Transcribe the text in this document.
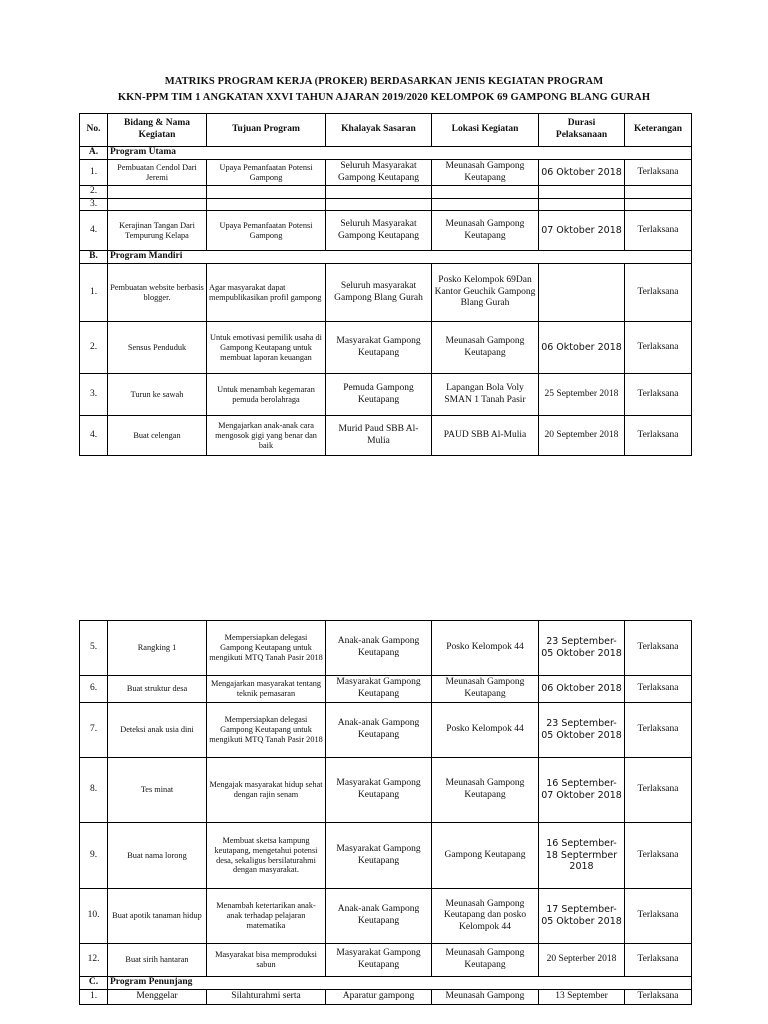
MATRIKS PROGRAM KERJA (PROKER) BERDASARKAN JENIS KEGIATAN PROGRAM
KKN-PPM TIM 1 ANGKATAN XXVI TAHUN AJARAN 2019/2020 KELOMPOK 69 GAMPONG BLANG GURAH
No.	Bidang & Nama Kegiatan	Tujuan Program	Khalayak Sasaran	Lokasi Kegiatan	Durasi Pelaksanaan	Keterangan
A.	Program Utama					
1.	Pembuatan Cendol Dari Jeremi	Upaya Pemanfaatan Potensi Gampong	Seluruh Masyarakat Gampong Keutapang	Meunasah Gampong Keutapang	06 Oktober 2018	Terlaksana
2.						
3.						
4.	Kerajinan Tangan Dari Tempurung Kelapa	Upaya Pemanfaatan Potensi Gampong	Seluruh Masyarakat Gampong Keutapang	Meunasah Gampong Keutapang	07 Oktober 2018	Terlaksana
B.	Program Mandiri					
1.	Pembuatan website berbasis blogger.	Agar masyarakat dapat mempublikasikan profil gampong	Seluruh masyarakat Gampong Blang Gurah	Posko Kelompok 69Dan Kantor Geuchik Gampong Blang Gurah		Terlaksana
2.	Sensus Penduduk	Untuk emotivasi pemilik usaha di Gampong Keutapang untuk membuat laporan keuangan	Masyarakat Gampong Keutapang	Meunasah Gampong Keutapang	06 Oktober 2018	Terlaksana
3.	Turun ke sawah	Untuk menambah kegemaran pemuda berolahraga	Pemuda Gampong Keutapang	Lapangan Bola Voly SMAN 1 Tanah Pasir	25 September 2018	Terlaksana
4.	Buat celengan	Mengajarkan anak-anak cara mengosok gigi yang benar dan baik	Murid Paud SBB Al-Mulia	PAUD SBB Al-Mulia	20 September 2018	Terlaksana
5.	Rangking 1	Mempersiapkan delegasi Gampong Keutapang untuk mengikuti MTQ Tanah Pasir 2018	Anak-anak Gampong Keutapang	Posko Kelompok 44	23 September-05 Oktober 2018	Terlaksana
6.	Buat struktur desa	Mengajarkan masyarakat tentang teknik pemasaran	Masyarakat Gampong Keutapang	Meunasah Gampong Keutapang	06 Oktober 2018	Terlaksana
7.	Deteksi anak usia dini	Mempersiapkan delegasi Gampong Keutapang untuk mengikuti MTQ Tanah Pasir 2018	Anak-anak Gampong Keutapang	Posko Kelompok 44	23 September-05 Oktober 2018	Terlaksana
8.	Tes minat	Mengajak masyarakat hidup sehat dengan rajin senam	Masyarakat Gampong Keutapang	Meunasah Gampong Keutapang	16 September-07 Oktober 2018	Terlaksana
9.	Buat nama lorong	Membuat sketsa kampung keutapang, mengetahui potensi desa, sekaligus bersilaturahmi dengan masyarakat.	Masyarakat Gampong Keutapang	Gampong Keutapang	16 September-18 Septermber 2018	Terlaksana
10.	Buat apotik tanaman hidup	Menambah ketertarikan anak-anak terhadap pelajaran matematika	Anak-anak Gampong Keutapang	Meunasah Gampong Keutapang dan posko Kelompok 44	17 September-05 Oktober 2018	Terlaksana
12.	Buat sirih hantaran	Masyarakat bisa memproduksi sabun	Masyarakat Gampong Keutapang	Meunasah Gampong Keutapang	20 Septerber 2018	Terlaksana
C.	Program Penunjang					
1.	Menggelar	Silahturahmi serta	Aparatur gampong	Meunasah Gampong	13 September	Terlaksana
